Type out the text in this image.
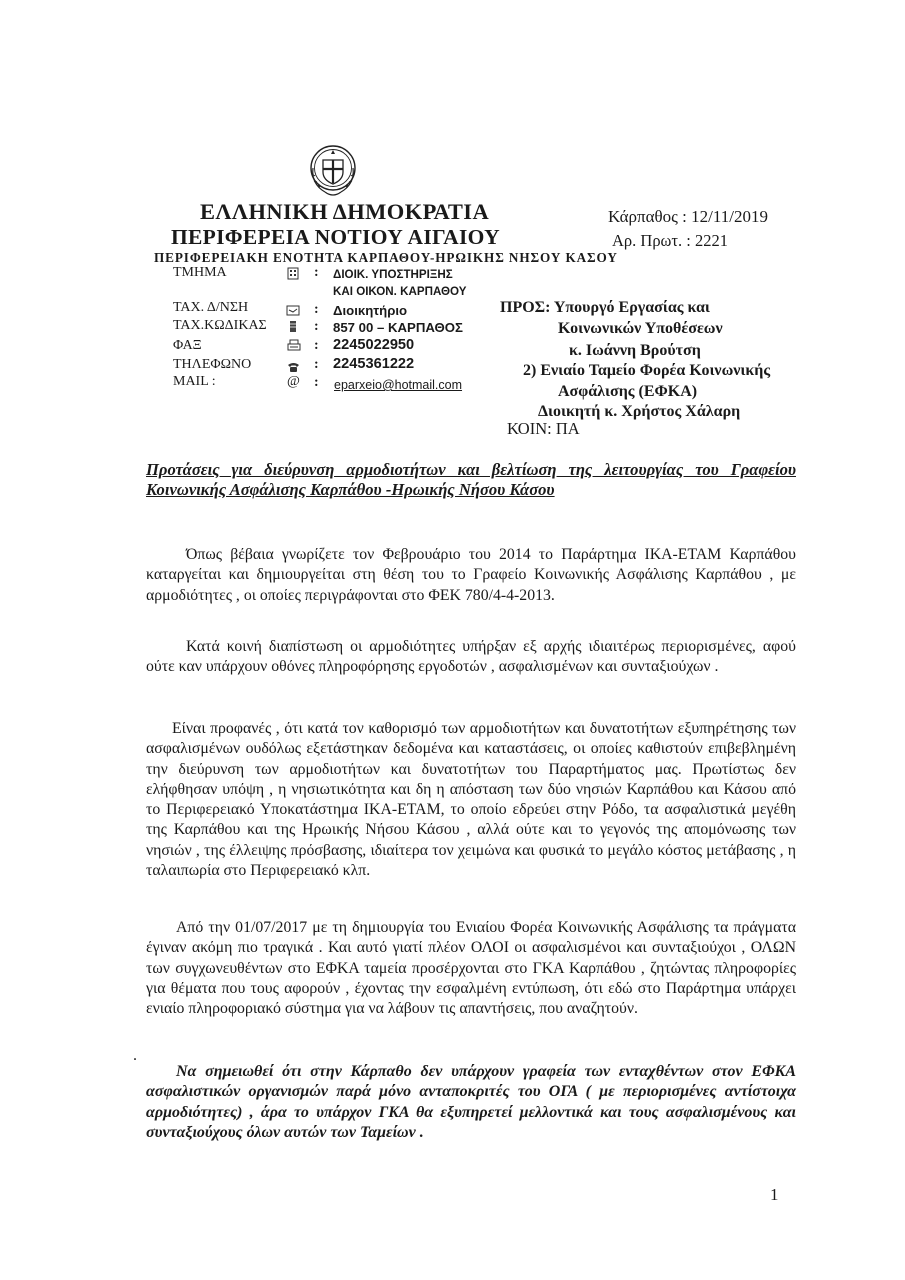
ΕΛΛΗΝΙΚΗ ΔΗΜΟΚΡΑΤΙΑ
ΠΕΡΙΦΕΡΕΙΑ ΝΟΤΙΟΥ ΑΙΓΑΙΟΥ
ΠΕΡΙΦΕΡΕΙΑΚΗ ΕΝΟΤΗΤΑ ΚΑΡΠΑΘΟΥ-ΗΡΩΙΚΗΣ ΝΗΣΟΥ ΚΑΣΟΥ
Κάρπαθος : 12/11/2019
Αρ. Πρωτ. : 2221
ΤΜΗΜΑ	: ΔΙΟΙΚ. ΥΠΟΣΤΗΡΙΞΗΣ
ΚΑΙ ΟΙΚΟΝ. ΚΑΡΠΑΘΟΥ
ΤΑΧ. Δ/ΝΣΗ	: Διοικητήριο
ΤΑΧ.ΚΩΔΙΚΑΣ	: 857 00 – ΚΑΡΠΑΘΟΣ
ΦΑΞ	: 2245022950
ΤΗΛΕΦΩΝΟ	: 2245361222
MAIL :	@ : eparxeio@hotmail.com
ΠΡΟΣ: Υπουργό Εργασίας και
Κοινωνικών Υποθέσεων
κ. Ιωάννη Βρούτση
2) Ενιαίο Ταμείο Φορέα Κοινωνικής
Ασφάλισης (ΕΦΚΑ)
Διοικητή κ. Χρήστος Χάλαρη
ΚΟΙΝ: ΠΑ
Προτάσεις για διεύρυνση αρμοδιοτήτων και βελτίωση της λειτουργίας του Γραφείου
Κοινωνικής Ασφάλισης Καρπάθου -Ηρωικής Νήσου Κάσου
Όπως βέβαια γνωρίζετε τον Φεβρουάριο του 2014 το Παράρτημα ΙΚΑ-ΕΤΑΜ Καρπάθου καταργείται και δημιουργείται στη θέση του το Γραφείο Κοινωνικής Ασφάλισης Καρπάθου , με αρμοδιότητες , οι οποίες περιγράφονται στο ΦΕΚ 780/4-4-2013.
Κατά κοινή διαπίστωση οι αρμοδιότητες υπήρξαν εξ αρχής ιδιαιτέρως περιορισμένες, αφού ούτε καν υπάρχουν οθόνες πληροφόρησης εργοδοτών , ασφαλισμένων και συνταξιούχων .
Είναι προφανές , ότι κατά τον καθορισμό των αρμοδιοτήτων και δυνατοτήτων εξυπηρέτησης των ασφαλισμένων ουδόλως εξετάστηκαν δεδομένα και καταστάσεις, οι οποίες καθιστούν επιβεβλημένη την διεύρυνση των αρμοδιοτήτων και δυνατοτήτων του Παραρτήματος μας. Πρωτίστως δεν ελήφθησαν υπόψη , η νησιωτικότητα και δη η απόσταση των δύο νησιών Καρπάθου και Κάσου από το Περιφερειακό Υποκατάστημα ΙΚΑ-ΕΤΑΜ, το οποίο εδρεύει στην Ρόδο, τα ασφαλιστικά μεγέθη της Καρπάθου και της Ηρωικής Νήσου Κάσου , αλλά ούτε και το γεγονός της απομόνωσης των νησιών , της έλλειψης πρόσβασης, ιδιαίτερα τον χειμώνα και φυσικά το μεγάλο κόστος μετάβασης , η ταλαιπωρία στο Περιφερειακό κλπ.
Από την 01/07/2017 με τη δημιουργία του Ενιαίου Φορέα Κοινωνικής Ασφάλισης τα πράγματα έγιναν ακόμη πιο τραγικά . Και αυτό γιατί πλέον ΟΛΟΙ οι ασφαλισμένοι και συνταξιούχοι , ΟΛΩΝ των συγχωνευθέντων στο ΕΦΚΑ ταμεία προσέρχονται στο ΓΚΑ Καρπάθου , ζητώντας πληροφορίες για θέματα που τους αφορούν , έχοντας την εσφαλμένη εντύπωση, ότι εδώ στο Παράρτημα υπάρχει ενιαίο πληροφοριακό σύστημα για να λάβουν τις απαντήσεις, που αναζητούν.
.
Να σημειωθεί ότι στην Κάρπαθο δεν υπάρχουν γραφεία των ενταχθέντων στον ΕΦΚΑ ασφαλιστικών οργανισμών παρά μόνο ανταποκριτές του ΟΓΑ ( με περιορισμένες αντίστοιχα αρμοδιότητες) , άρα το υπάρχον ΓΚΑ θα εξυπηρετεί μελλοντικά και τους ασφαλισμένους και συνταξιούχους όλων αυτών των Ταμείων .
1
